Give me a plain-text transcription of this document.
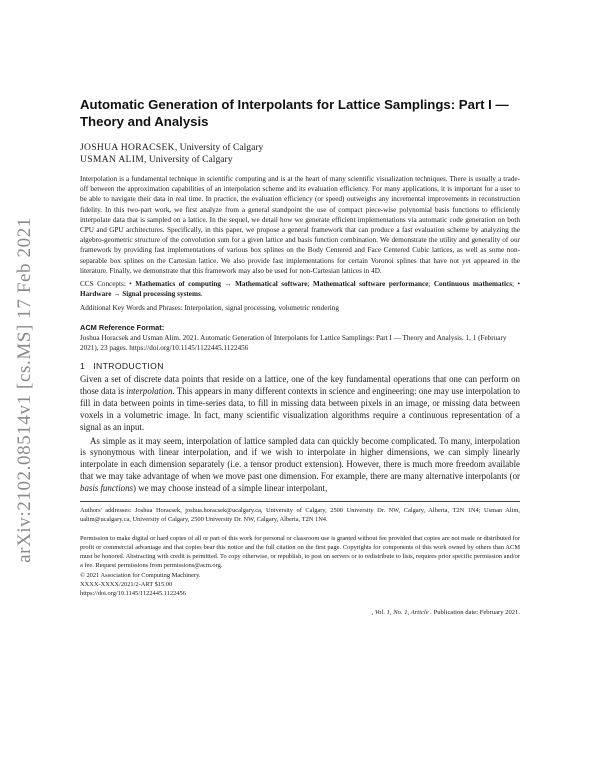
arXiv:2102.08514v1 [cs.MS] 17 Feb 2021
Automatic Generation of Interpolants for Lattice Samplings: Part I — Theory and Analysis
JOSHUA HORACSEK, University of Calgary
USMAN ALIM, University of Calgary
Interpolation is a fundamental technique in scientific computing and is at the heart of many scientific visualization techniques. There is usually a trade-off between the approximation capabilities of an interpolation scheme and its evaluation efficiency. For many applications, it is important for a user to be able to navigate their data in real time. In practice, the evaluation efficiency (or speed) outweighs any incremental improvements in reconstruction fidelity. In this two-part work, we first analyze from a general standpoint the use of compact piece-wise polynomial basis functions to efficiently interpolate data that is sampled on a lattice. In the sequel, we detail how we generate efficient implementations via automatic code generation on both CPU and GPU architectures. Specifically, in this paper, we propose a general framework that can produce a fast evaluation scheme by analyzing the algebro-geometric structure of the convolution sum for a given lattice and basis function combination. We demonstrate the utility and generality of our framework by providing fast implementations of various box splines on the Body Centered and Face Centered Cubic lattices, as well as some non-separable box splines on the Cartesian lattice. We also provide fast implementations for certain Voronoi splines that have not yet appeared in the literature. Finally, we demonstrate that this framework may also be used for non-Cartesian lattices in 4D.
CCS Concepts: • Mathematics of computing → Mathematical software; Mathematical software performance; Continuous mathematics; • Hardware → Signal processing systems.
Additional Key Words and Phrases: Interpolation, signal processing, volumetric rendering
ACM Reference Format:
Joshua Horacsek and Usman Alim. 2021. Automatic Generation of Interpolants for Lattice Samplings: Part I — Theory and Analysis. 1, 1 (February 2021), 23 pages. https://doi.org/10.1145/1122445.1122456
1 INTRODUCTION

Given a set of discrete data points that reside on a lattice, one of the key fundamental operations that one can perform on those data is interpolation. This appears in many different contexts in science and engineering: one may use interpolation to fill in data between points in time-series data, to fill in missing data between pixels in an image, or missing data between voxels in a volumetric image. In fact, many scientific visualization algorithms require a continuous representation of a signal as an input.

As simple as it may seem, interpolation of lattice sampled data can quickly become complicated. To many, interpolation is synonymous with linear interpolation, and if we wish to interpolate in higher dimensions, we can simply linearly interpolate in each dimension separately (i.e. a tensor product extension). However, there is much more freedom available that we may take advantage of when we move past one dimension. For example, there are many alternative interpolants (or basis functions) we may choose instead of a simple linear interpolant,

Authors' addresses: Joshua Horacsek, joshua.horacsek@ucalgary.ca, University of Calgary, 2500 University Dr. NW, Calgary, Alberta, T2N 1N4; Usman Alim, ualim@ucalgary.ca, University of Calgary, 2500 University Dr. NW, Calgary, Alberta, T2N 1N4.

Permission to make digital or hard copies of all or part of this work for personal or classroom use is granted without fee provided that copies are not made or distributed for profit or commercial advantage and that copies bear this notice and the full citation on the first page. Copyrights for components of this work owned by others than ACM must be honored. Abstracting with credit is permitted. To copy otherwise, or republish, to post on servers or to redistribute to lists, requires prior specific permission and/or a fee. Request permissions from permissions@acm.org.

© 2021 Association for Computing Machinery.

XXXX-XXXX/2021/2-ART $15.00

https://doi.org/10.1145/1122445.1122456

, Vol. 1, No. 1, Article . Publication date: February 2021.
